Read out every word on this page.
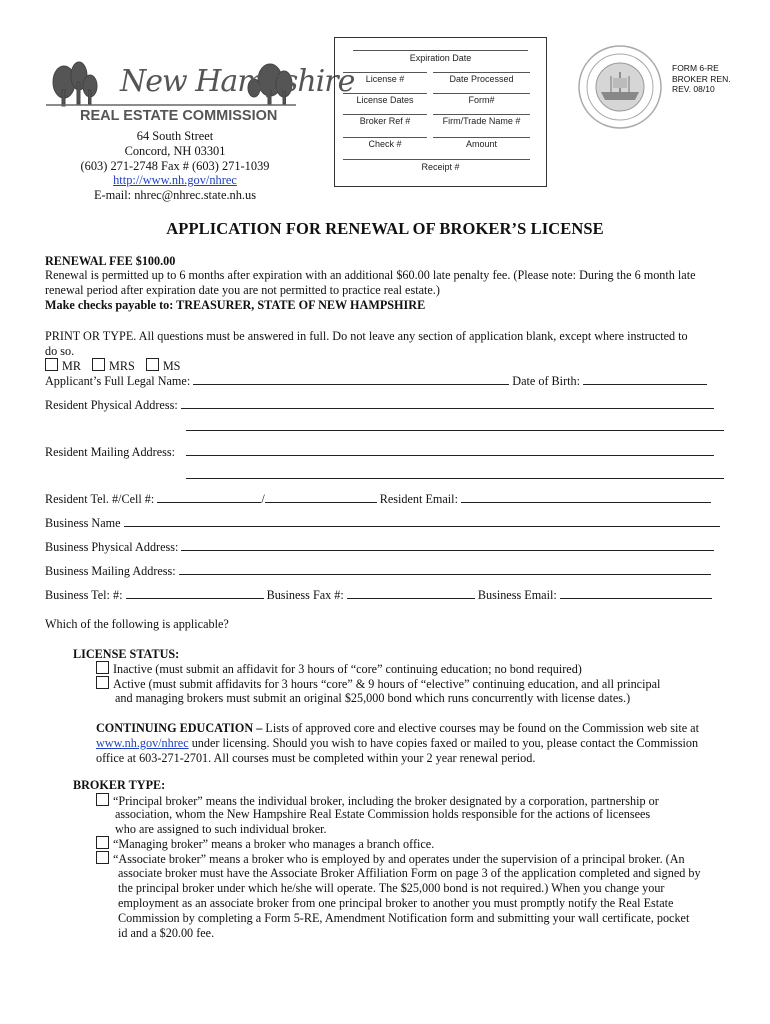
New Hampshire
REAL ESTATE COMMISSION
64 South Street
Concord, NH 03301
(603) 271-2748 Fax # (603) 271-1039
http://www.nh.gov/nhrec
E-mail: nhrec@nhrec.state.nh.us
Expiration Date
License #	Date Processed
License Dates	Form#
Broker Ref #	Firm/Trade Name #
Check #	Amount
Receipt #
FORM 6-RE
BROKER REN.
REV. 08/10
APPLICATION FOR RENEWAL OF BROKER’S LICENSE
RENEWAL FEE $100.00
Renewal is permitted up to 6 months after expiration with an additional $60.00 late penalty fee. (Please note: During the 6 month late
renewal period after expiration date you are not permitted to practice real estate.)
Make checks payable to: TREASURER, STATE OF NEW HAMPSHIRE
PRINT OR TYPE. All questions must be answered in full. Do not leave any section of application blank, except where instructed to
do so.
MR MRS MS
Applicant’s Full Legal Name:	Date of Birth:
Resident Physical Address:
Resident Mailing Address:
Resident Tel. #/Cell #:	/	Resident Email:
Business Name
Business Physical Address:
Business Mailing Address:
Business Tel: #:	Business Fax #:	Business Email:
Which of the following is applicable?
LICENSE STATUS:
Inactive (must submit an affidavit for 3 hours of “core” continuing education; no bond required)
Active (must submit affidavits for 3 hours “core” & 9 hours of “elective” continuing education, and all principal
and managing brokers must submit an original $25,000 bond which runs concurrently with license dates.)
CONTINUING EDUCATION – Lists of approved core and elective courses may be found on the Commission web site at
www.nh.gov/nhrec under licensing. Should you wish to have copies faxed or mailed to you, please contact the Commission
office at 603-271-2701. All courses must be completed within your 2 year renewal period.
BROKER TYPE:
“Principal broker” means the individual broker, including the broker designated by a corporation, partnership or
association, whom the New Hampshire Real Estate Commission holds responsible for the actions of licensees
who are assigned to such individual broker.
“Managing broker” means a broker who manages a branch office.
“Associate broker” means a broker who is employed by and operates under the supervision of a principal broker. (An
associate broker must have the Associate Broker Affiliation Form on page 3 of the application completed and signed by
the principal broker under which he/she will operate. The $25,000 bond is not required.) When you change your
employment as an associate broker from one principal broker to another you must promptly notify the Real Estate
Commission by completing a Form 5-RE, Amendment Notification form and submitting your wall certificate, pocket
id and a $20.00 fee.
